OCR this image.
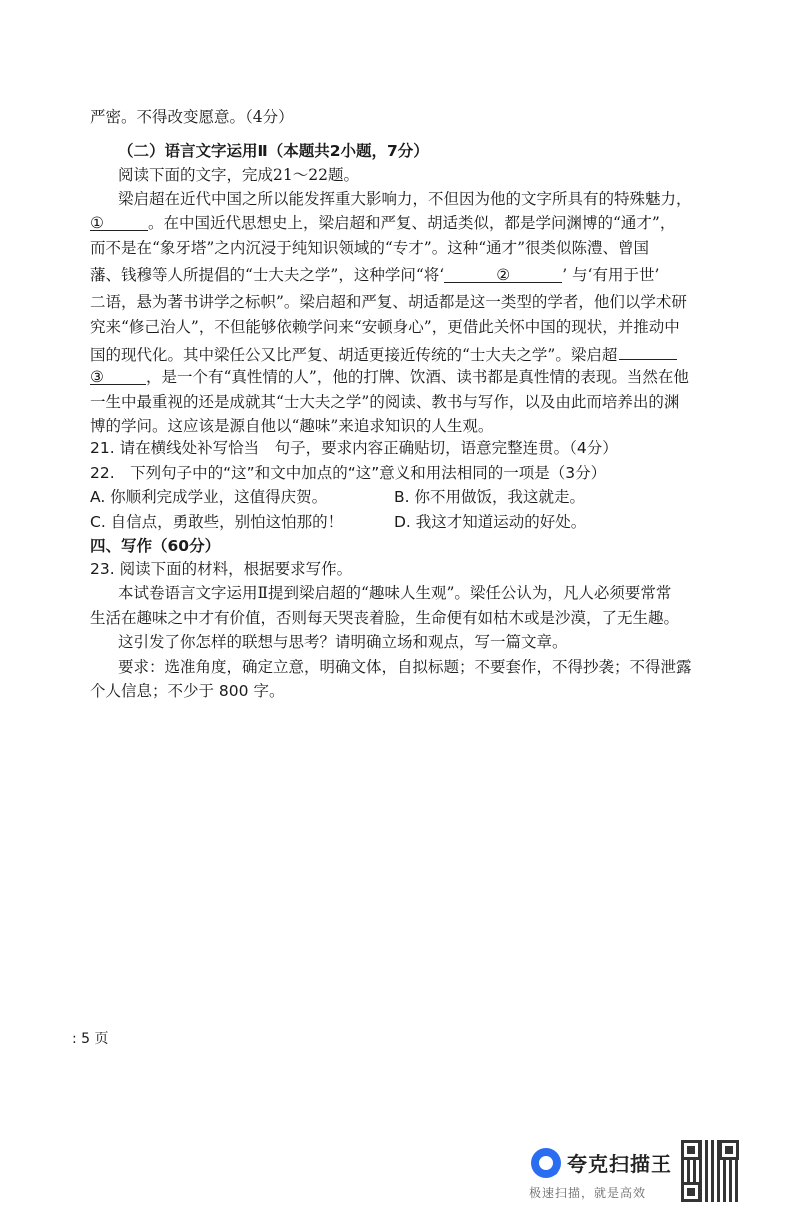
严密。不得改变愿意。（4分）
（二）语言文字运用Ⅱ（本题共2小题，7分）
阅读下面的文字，完成21～22题。
梁启超在近代中国之所以能发挥重大影响力，不但因为他的文字所具有的特殊魅力，
①	。在中国近代思想史上，梁启超和严复、胡适类似，都是学问渊博的“通才”，
而不是在“象牙塔”之内沉浸于纯知识领域的“专才”。这种“通才”很类似陈澧、曾国
藩、钱穆等人所提倡的“士大夫之学”，这种学问“将‘	②	’ 与‘有用于世’
二语，悬为著书讲学之标帜”。梁启超和严复、胡适都是这一类型的学者，他们以学术研
究来“修己治人”，不但能够依赖学问来“安顿身心”，更借此关怀中国的现状，并推动中
国的现代化。其中梁任公又比严复、胡适更接近传统的“士大夫之学”。梁启超
③	，是一个有“真性情的人”，他的打牌、饮酒、读书都是真性情的表现。当然在他
一生中最重视的还是成就其“士大夫之学”的阅读、教书与写作，以及由此而培养出的渊
博的学问。这应该是源自他以“趣味”来追求知识的人生观。
21. 请在横线处补写恰当　句子，要求内容正确贴切，语意完整连贯。（4分）
22.　下列句子中的“这”和文中加点的“这”意义和用法相同的一项是（3分）
A. 你顺利完成学业，这值得庆贺。	B. 你不用做饭，我这就走。
C. 自信点，勇敢些，别怕这怕那的！	D. 我这才知道运动的好处。
四、写作（60分）
23. 阅读下面的材料，根据要求写作。
本试卷语言文字运用Ⅱ提到梁启超的“趣味人生观”。梁任公认为，凡人必须要常常
生活在趣味之中才有价值，否则每天哭丧着脸，生命便有如枯木或是沙漠，了无生趣。
这引发了你怎样的联想与思考？请明确立场和观点，写一篇文章。
要求：选准角度，确定立意，明确文体，自拟标题；不要套作，不得抄袭；不得泄露
个人信息；不少于 800 字。
: 5 页
夸克扫描王
极速扫描，就是高效
